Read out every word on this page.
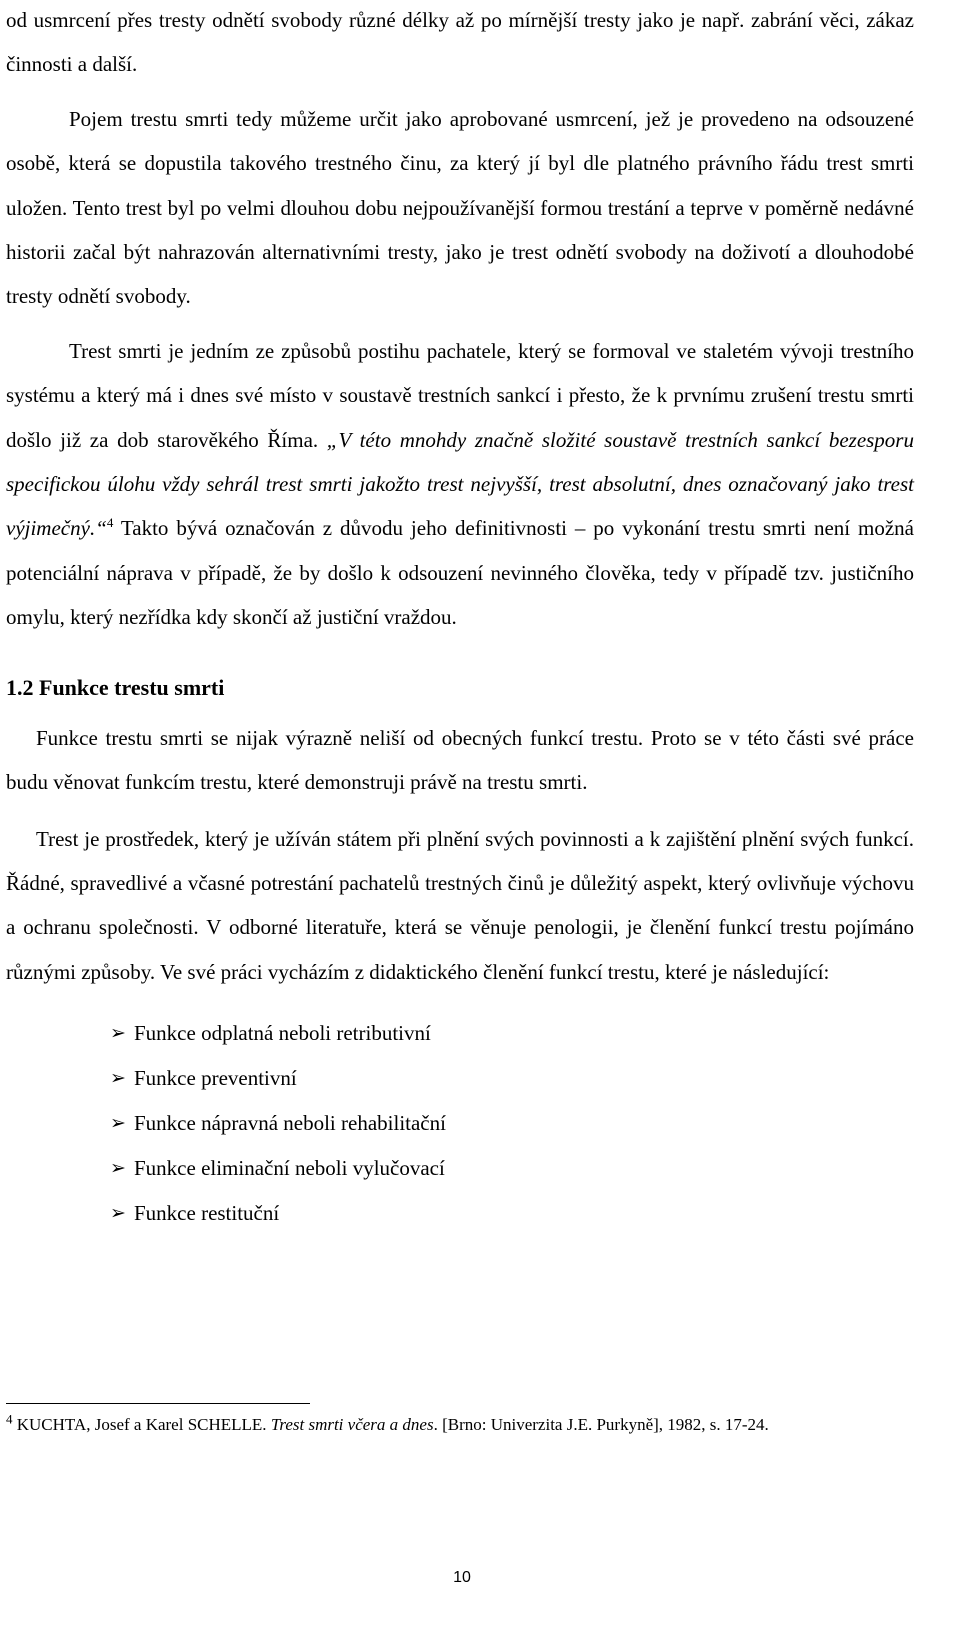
od usmrcení přes tresty odnětí svobody různé délky až po mírnější tresty jako je např. zabrání věci, zákaz činnosti a další.

Pojem trestu smrti tedy můžeme určit jako aprobované usmrcení, jež je provedeno na odsouzené osobě, která se dopustila takového trestného činu, za který jí byl dle platného právního řádu trest smrti uložen. Tento trest byl po velmi dlouhou dobu nejpoužívanější formou trestání a teprve v poměrně nedávné historii začal být nahrazován alternativními tresty, jako je trest odnětí svobody na doživotí a dlouhodobé tresty odnětí svobody.

Trest smrti je jedním ze způsobů postihu pachatele, který se formoval ve staletém vývoji trestního systému a který má i dnes své místo v soustavě trestních sankcí i přesto, že k prvnímu zrušení trestu smrti došlo již za dob starověkého Říma. „V této mnohdy značně složité soustavě trestních sankcí bezesporu specifickou úlohu vždy sehrál trest smrti jakožto trest nejvyšší, trest absolutní, dnes označovaný jako trest výjimečný.“$^4$ Takto bývá označován z důvodu jeho definitivnosti – po vykonání trestu smrti není možná potenciální náprava v případě, že by došlo k odsouzení nevinného člověka, tedy v případě tzv. justičního omylu, který nezřídka kdy skončí až justiční vraždou.

1.2 Funkce trestu smrti

Funkce trestu smrti se nijak výrazně neliší od obecných funkcí trestu. Proto se v této části své práce budu věnovat funkcím trestu, které demonstruji právě na trestu smrti.

Trest je prostředek, který je užíván státem při plnění svých povinnosti a k zajištění plnění svých funkcí. Řádné, spravedlivé a včasné potrestání pachatelů trestných činů je důležitý aspekt, který ovlivňuje výchovu a ochranu společnosti. V odborné literatuře, která se věnuje penologii, je členění funkcí trestu pojímáno různými způsoby. Ve své práci vycházím z didaktického členění funkcí trestu, které je následující:

➢ Funkce odplatná neboli retributivní
➢ Funkce preventivní
➢ Funkce nápravná neboli rehabilitační
➢ Funkce eliminační neboli vylučovací
➢ Funkce restituční

$^4$ KUCHTA, Josef a Karel SCHELLE. Trest smrti včera a dnes. [Brno: Univerzita J.E. Purkyně], 1982, s. 17-24.

10
